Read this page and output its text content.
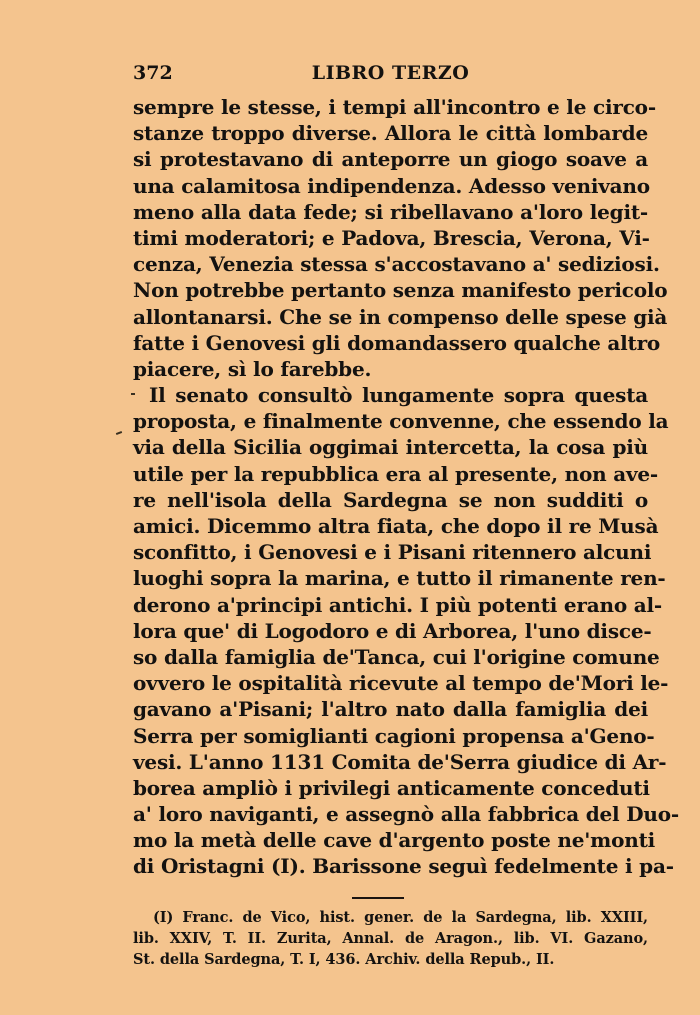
372	LIBRO TERZO
sempre le stesse, i tempi all'incontro e le circo-
stanze troppo diverse. Allora le città lombarde
si protestavano di anteporre un giogo soave a
una calamitosa indipendenza. Adesso venivano
meno alla data fede; si ribellavano a'loro legit-
timi moderatori; e Padova, Brescia, Verona, Vi-
cenza, Venezia stessa s'accostavano a' sediziosi.
Non potrebbe pertanto senza manifesto pericolo
allontanarsi. Che se in compenso delle spese già
fatte i Genovesi gli domandassero qualche altro
piacere, sì lo farebbe.
Il senato consultò lungamente sopra questa
proposta, e finalmente convenne, che essendo la
via della Sicilia oggimai intercetta, la cosa più
utile per la repubblica era al presente, non ave-
re nell'isola della Sardegna se non sudditi o
amici. Dicemmo altra fiata, che dopo il re Musà
sconfitto, i Genovesi e i Pisani ritennero alcuni
luoghi sopra la marina, e tutto il rimanente ren-
derono a'principi antichi. I più potenti erano al-
lora que' di Logodoro e di Arborea, l'uno disce-
so dalla famiglia de'Tanca, cui l'origine comune
ovvero le ospitalità ricevute al tempo de'Mori le-
gavano a'Pisani; l'altro nato dalla famiglia dei
Serra per somiglianti cagioni propensa a'Geno-
vesi. L'anno 1131 Comita de'Serra giudice di Ar-
borea ampliò i privilegi anticamente conceduti
a' loro naviganti, e assegnò alla fabbrica del Duo-
mo la metà delle cave d'argento poste ne'monti
di Oristagni (I). Barissone seguì fedelmente i pa-
(I) Franc. de Vico, hist. gener. de la Sardegna, lib. XXIII,
lib. XXIV, T. II. Zurita, Annal. de Aragon., lib. VI. Gazano,
St. della Sardegna, T. I, 436. Archiv. della Repub., II.
